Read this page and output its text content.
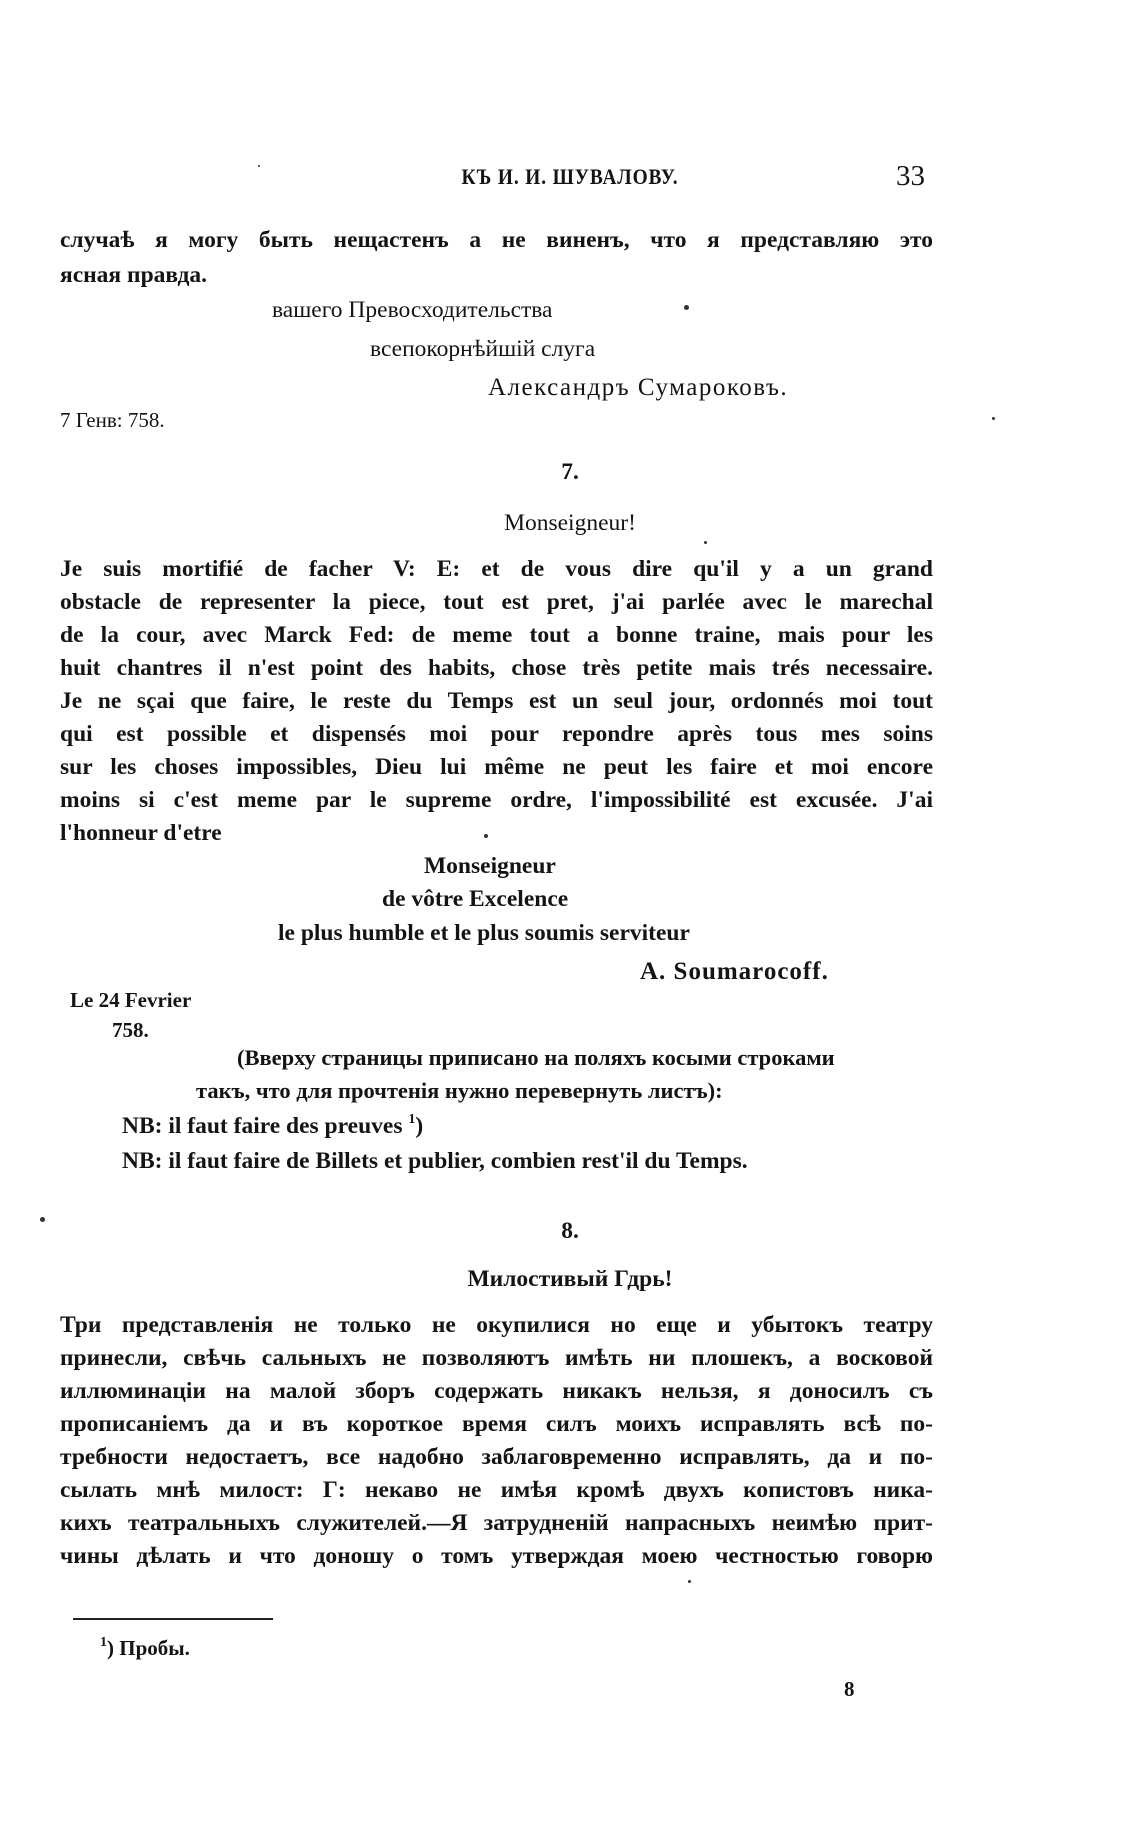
КЪ И. И. ШУВАЛОВУ.	33
случаѣ я могу быть нещастенъ а не виненъ, что я представляю это
ясная правда.
вашего Превосходительства
всепокорнѣйшій слуга
Александръ Сумароковъ.
7 Генв: 758.
7.
Monseigneur!
Je suis mortifié de facher V: E: et de vous dire qu'il y a un grand
obstacle de representer la piece, tout est pret, j'ai parlée avec le marechal
de la cour, avec Marck Fed: de meme tout a bonne traine, mais pour les
huit chantres il n'est point des habits, chose très petite mais trés necessaire.
Je ne sçai que faire, le reste du Temps est un seul jour, ordonnés moi tout
qui est possible et dispensés moi pour repondre après tous mes soins
sur les choses impossibles, Dieu lui même ne peut les faire et moi encore
moins si c'est meme par le supreme ordre, l'impossibilité est excusée. J'ai
l'honneur d'etre
Monseigneur
de vôtre Excelence
le plus humble et le plus soumis serviteur
A. Soumarocoff.
Le 24 Fevrier
758.
(Вверху страницы приписано на поляхъ косыми строками
такъ, что для прочтенія нужно перевернуть листъ):
NB: il faut faire des preuves $^1$)
NB: il faut faire de Billets et publier, combien rest'il du Temps.
8.
Милостивый Гдрь!
Три представленія не только не окупилися но еще и убытокъ театру
принесли, свѣчь сальныхъ не позволяютъ имѣть ни плошекъ, а восковой
иллюминаціи на малой зборъ содержать никакъ нельзя, я доносилъ съ
прописаніемъ да и въ короткое время силъ моихъ исправлять всѣ по-
требности недостаетъ, все надобно заблаговременно исправлять, да и по-
сылать мнѣ милост: Г: некаво не имѣя кромѣ двухъ копистовъ ника-
кихъ театральныхъ служителей.—Я затрудненій напрасныхъ неимѣю прит-
чины дѣлать и что доношу о томъ утверждая моею честностью говорю
$^1$) Пробы.
8
